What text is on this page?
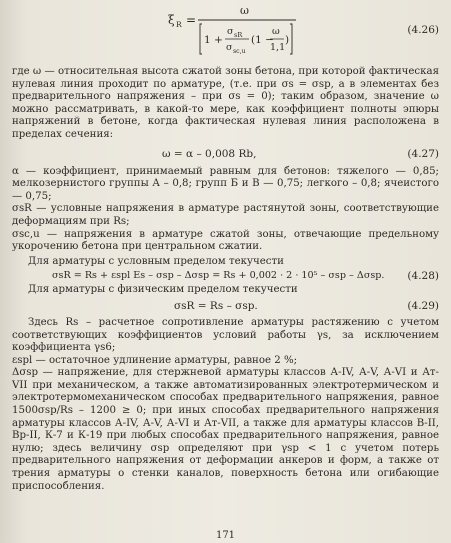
ξ R =
ω
1 +
σ sR
σ sc,u
(1 −
ω
1,1
)
(4.26)

где ω — относительная высота сжатой зоны бетона, при которой фактическая нулевая линия проходит по арматуре, (т.е. при σs = σsp, а в элементах без предварительного напряжения – при σs = 0); таким образом, значение ω можно рассматривать, в какой-то мере, как коэффициент полноты эпюры напряжений в бетоне, когда фактическая нулевая линия расположена в пределах сечения:

ω = α – 0,008 Rb,	(4.27)

α — коэффициент, принимаемый равным для бетонов: тяжелого — 0,85; мелкозернистого группы А – 0,8; групп Б и В — 0,75; легкого – 0,8; ячеистого — 0,75;

σsR — условные напряжения в арматуре растянутой зоны, соответствующие деформациям при Rs;

σsc,u — напряжения в арматуре сжатой зоны, отвечающие предельному укорочению бетона при центральном сжатии.

Для арматуры с условным пределом текучести

σsR = Rs + εspl Es – σsp – Δσsp = Rs + 0,002 · 2 · 10⁵ – σsp – Δσsp. (4.28)

Для арматуры с физическим пределом текучести

σsR = Rs – σsp.	(4.29)

Здесь Rs – расчетное сопротивление арматуры растяжению с учетом соответствующих коэффициентов условий работы γs, за исключением коэффициента γs6;

εspl — остаточное удлинение арматуры, равное 2 %;

Δσsp — напряжение, для стержневой арматуры классов А-IV, А-V, А-VI и Ат-VII при механическом, а также автоматизированных электротермическом и электротермомеханическом способах предварительного напряжения, равное 1500σsp/Rs – 1200 ≥ 0; при иных способах предварительного напряжения арматуры классов А-IV, А-V, А-VI и Ат-VII, а также для арматуры классов В-II, Вр-II, К-7 и К-19 при любых способах предварительного напряжения, равное нулю; здесь величину σsp определяют при γsp < 1 с учетом потерь предварительного напряжения от деформации анкеров и форм, а также от трения арматуры о стенки каналов, поверхность бетона или огибающие приспособления.

171
